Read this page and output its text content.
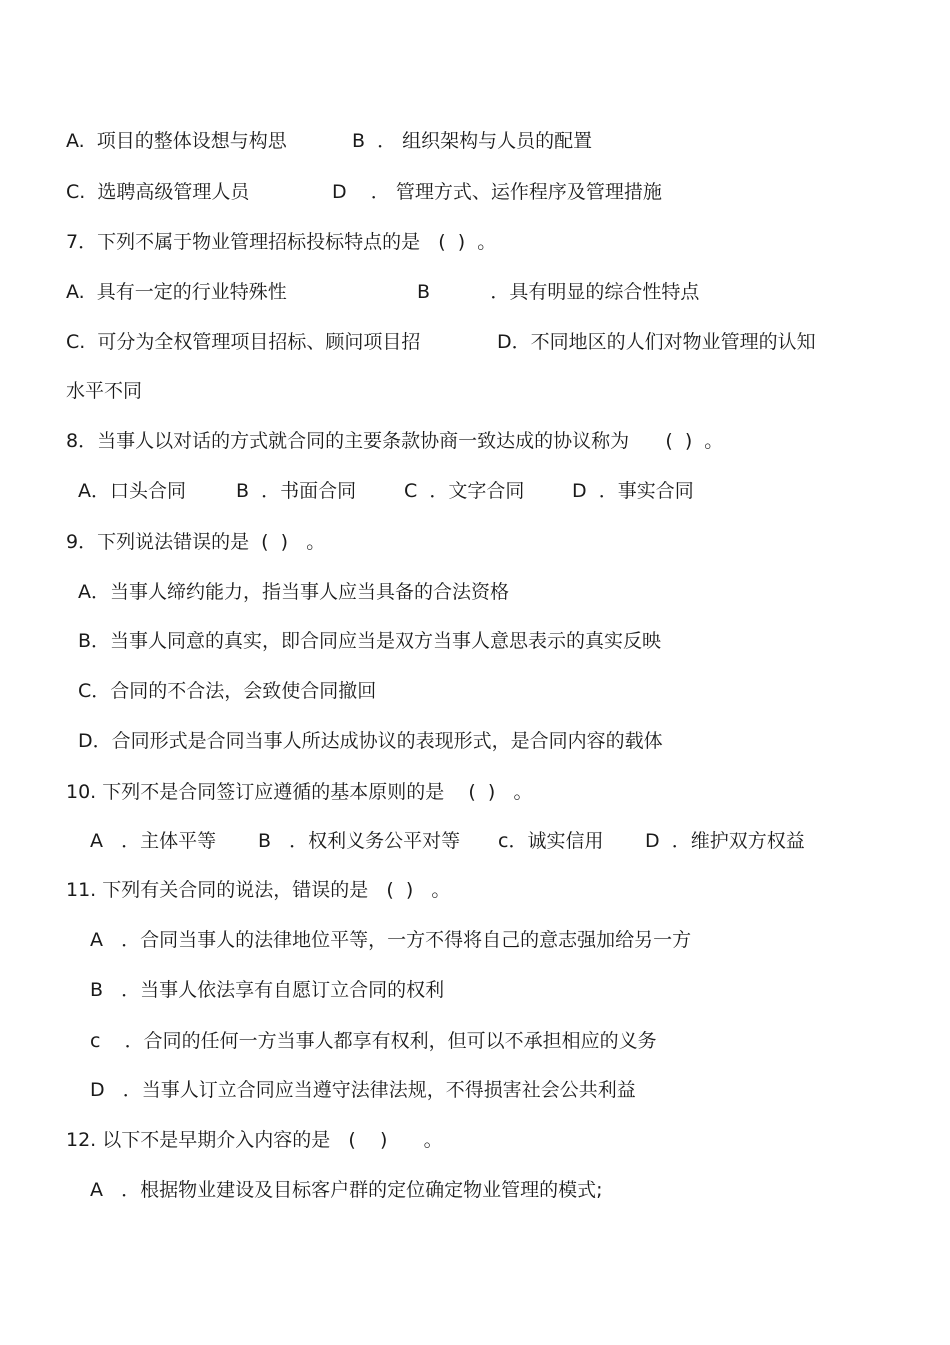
A.  项目的整体设想与构思	B  ． 组织架构与人员的配置
C.  选聘高级管理人员	D    ． 管理方式、运作程序及管理措施
7．下列不属于物业管理招标投标特点的是   (  )  。
A.  具有一定的行业特殊性	B          ．具有明显的综合性特点
C.  可分为全权管理项目招标、顾问项目招	D．不同地区的人们对物业管理的认知
水平不同
8．当事人以对话的方式就合同的主要条款协商一致达成的协议称为      (  )  。
A．口头合同	B  ．书面合同	C  ．文字合同	D  ．事实合同
9．下列说法错误的是  (  )   。
A．当事人缔约能力，指当事人应当具备的合法资格
B．当事人同意的真实，即合同应当是双方当事人意思表示的真实反映
C．合同的不合法，会致使合同撤回
D．合同形式是合同当事人所达成协议的表现形式，是合同内容的载体
10. 下列不是合同签订应遵循的基本原则的是    (  )   。
A   ．主体平等 B   ．权利义务公平对等 c．诚实信用 D  ．维护双方权益
11. 下列有关合同的说法，错误的是   (  )   。
A   ．合同当事人的法律地位平等，一方不得将自己的意志强加给另一方
B   ．当事人依法享有自愿订立合同的权利
c    ．合同的任何一方当事人都享有权利，但可以不承担相应的义务
D   ．当事人订立合同应当遵守法律法规，不得损害社会公共利益
12. 以下不是早期介入内容的是   (    )      。
A   ．根据物业建设及目标客户群的定位确定物业管理的模式;
